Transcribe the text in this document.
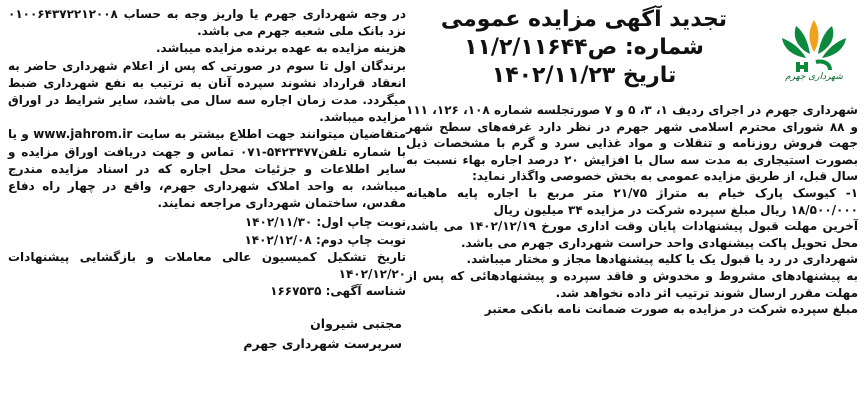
شهرداری جهرم
تجدید آگهی مزایده عمومی
شماره: ص۱۱/۲/۱۱۶۴۴
تاریخ ۱۴۰۲/۱۱/۲۳

شهرداری جهرم در اجرای ردیف ۱، ۳، ۵ و ۷ صورتجلسه شماره ۱۰۸، ۱۲۶، ۱۱۱ و ۸۸ شورای محترم اسلامی شهر جهرم در نظر دارد غرفه‌های سطح شهر جهت فروش روزنامه و تنقلات و مواد غذایی سرد و گرم با مشخصات ذیل بصورت استیجاری به مدت سه سال با افزایش ۲۰ درصد اجاره بهاء نسبت به سال قبل، از طریق مزایده عمومی به بخش خصوصی واگذار نماید:

۱- کیوسک پارک خیام به متراژ ۲۱/۷۵ متر مربع با اجاره پایه ماهیانه ۱۸/۵۰۰/۰۰۰ ریال مبلغ سپرده شرکت در مزایده ۳۴ میلیون ریال

آخرین مهلت قبول پیشنهادات پایان وقت اداری مورخ ۱۴۰۲/۱۲/۱۹ می باشد، محل تحویل پاکت پیشنهادی واحد حراست شهرداری جهرم می باشد.

شهرداری در رد یا قبول یک یا کلیه پیشنهادها مجاز و مختار میباشد.

به پیشنهادهای مشروط و مخدوش و فاقد سپرده و پیشنهادهائی که پس از مهلت مقرر ارسال شوند ترتیب اثر داده نخواهد شد.

مبلغ سپرده شرکت در مزایده به صورت ضمانت نامه بانکی معتبر

در وجه شهرداری جهرم یا واریز وجه به حساب ۰۱۰۰۶۴۳۷۲۲۱۲۰۰۸ نزد بانک ملی شعبه جهرم می باشد.

هزینه مزایده به عهده برنده مزایده میباشد.

برندگان اول تا سوم در صورتی که پس از اعلام شهرداری حاضر به انعقاد قرارداد نشوند سپرده آنان به ترتیب به نفع شهرداری ضبط میگردد. مدت زمان اجاره سه سال می باشد، سایر شرایط در اوراق مزایده میباشد.

متقاضیان میتوانند جهت اطلاع بیشتر به سایت www.jahrom.ir و یا با شماره تلفن۵۴۲۳۴۷۷-۰۷۱ تماس و جهت دریافت اوراق مزایده و سایر اطلاعات و جزئیات محل اجاره که در اسناد مزایده مندرج میباشد، به واحد املاک شهرداری جهرم، واقع در چهار راه دفاع مقدس، ساختمان شهرداری مراجعه نمایند.

نوبت چاپ اول: ۱۴۰۲/۱۱/۳۰

نوبت چاپ دوم: ۱۴۰۲/۱۲/۰۸

تاریخ تشکیل کمیسیون عالی معاملات و بازگشایی پیشنهادات ۱۴۰۲/۱۲/۲۰

شناسه آگهی: ۱۶۶۷۵۳۵

مجتبی شیروان
سرپرست شهرداری جهرم
